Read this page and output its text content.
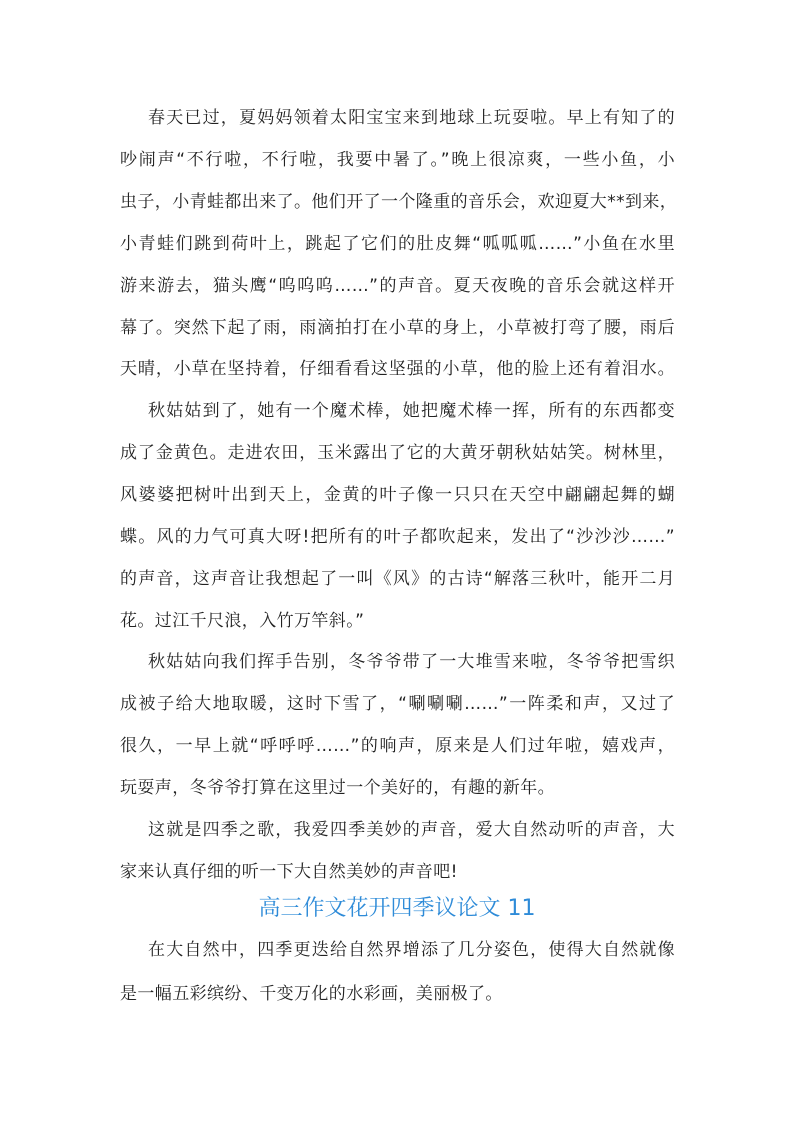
春天已过，夏妈妈领着太阳宝宝来到地球上玩耍啦。早上有知了的
吵闹声“不行啦，不行啦，我要中暑了。”晚上很凉爽，一些小鱼，小
虫子，小青蛙都出来了。他们开了一个隆重的音乐会，欢迎夏大**到来，
小青蛙们跳到荷叶上，跳起了它们的肚皮舞“呱呱呱……”小鱼在水里
游来游去，猫头鹰“呜呜呜……”的声音。夏天夜晚的音乐会就这样开
幕了。突然下起了雨，雨滴拍打在小草的身上，小草被打弯了腰，雨后
天晴，小草在坚持着，仔细看看这坚强的小草，他的脸上还有着泪水。
秋姑姑到了，她有一个魔术棒，她把魔术棒一挥，所有的东西都变
成了金黄色。走进农田，玉米露出了它的大黄牙朝秋姑姑笑。树林里，
风婆婆把树叶出到天上，金黄的叶子像一只只在天空中翩翩起舞的蝴
蝶。风的力气可真大呀!把所有的叶子都吹起来，发出了“沙沙沙……”
的声音，这声音让我想起了一叫《风》的古诗“解落三秋叶，能开二月
花。过江千尺浪，入竹万竿斜。”
秋姑姑向我们挥手告别，冬爷爷带了一大堆雪来啦，冬爷爷把雪织
成被子给大地取暖，这时下雪了，“唰唰唰……”一阵柔和声，又过了
很久，一早上就“呼呼呼……”的响声，原来是人们过年啦，嬉戏声，
玩耍声，冬爷爷打算在这里过一个美好的，有趣的新年。
这就是四季之歌，我爱四季美妙的声音，爱大自然动听的声音，大
家来认真仔细的听一下大自然美妙的声音吧!
高三作文花开四季议论文 11
在大自然中，四季更迭给自然界增添了几分姿色，使得大自然就像
是一幅五彩缤纷、千变万化的水彩画，美丽极了。
